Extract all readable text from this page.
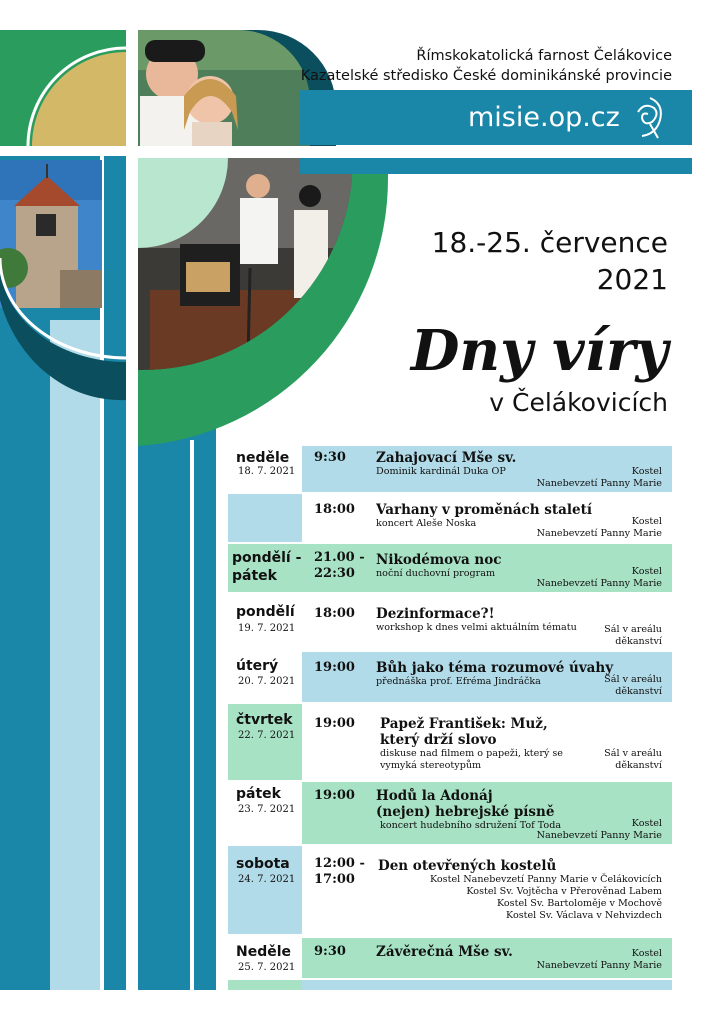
Římskokatolická farnost Čelákovice
Kazatelské středisko České dominikánské provincie
misie.op.cz
18.-25. července
2021
Dny víry
v Čelákovicích
neděle
18. 7. 2021
9:30 Zahajovací Mše sv.
Dominik kardinál Duka OP	Kostel
Nanebevzetí Panny Marie
18:00 Varhany v proměnách staletí
koncert Aleše Noska	Kostel
Nanebevzetí Panny Marie
pondělí -
pátek
21.00 -
22:30
Nikodémova noc
noční duchovní program	Kostel
Nanebevzetí Panny Marie
pondělí
19. 7. 2021
18:00 Dezinformace?!
workshop k dnes velmi aktuálním tématu	Sál v areálu
děkanství
úterý
20. 7. 2021
19:00 Bůh jako téma rozumové úvahy
přednáška prof. Efréma Jindráčka	Sál v areálu
děkanství
čtvrtek
22. 7. 2021
19:00 Papež František: Muž,
který drží slovo
diskuse nad filmem o papeži, který se
vymyká stereotypům
Sál v areálu
děkanství
pátek
23. 7. 2021
19:00 Hodů la Adonáj
(nejen) hebrejské písně
koncert hudebního sdružení Tof Toda	Kostel
Nanebevzetí Panny Marie
sobota
24. 7. 2021
12:00 -
17:00
Den otevřených kostelů
Kostel Nanebevzetí Panny Marie v Čelákovicích
Kostel Sv. Vojtěcha v Přerověnad Labem
Kostel Sv. Bartoloměje v Mochově
Kostel Sv. Václava v Nehvizdech
Neděle
25. 7. 2021
9:30 Závěrečná Mše sv.	Kostel
Nanebevzetí Panny Marie
